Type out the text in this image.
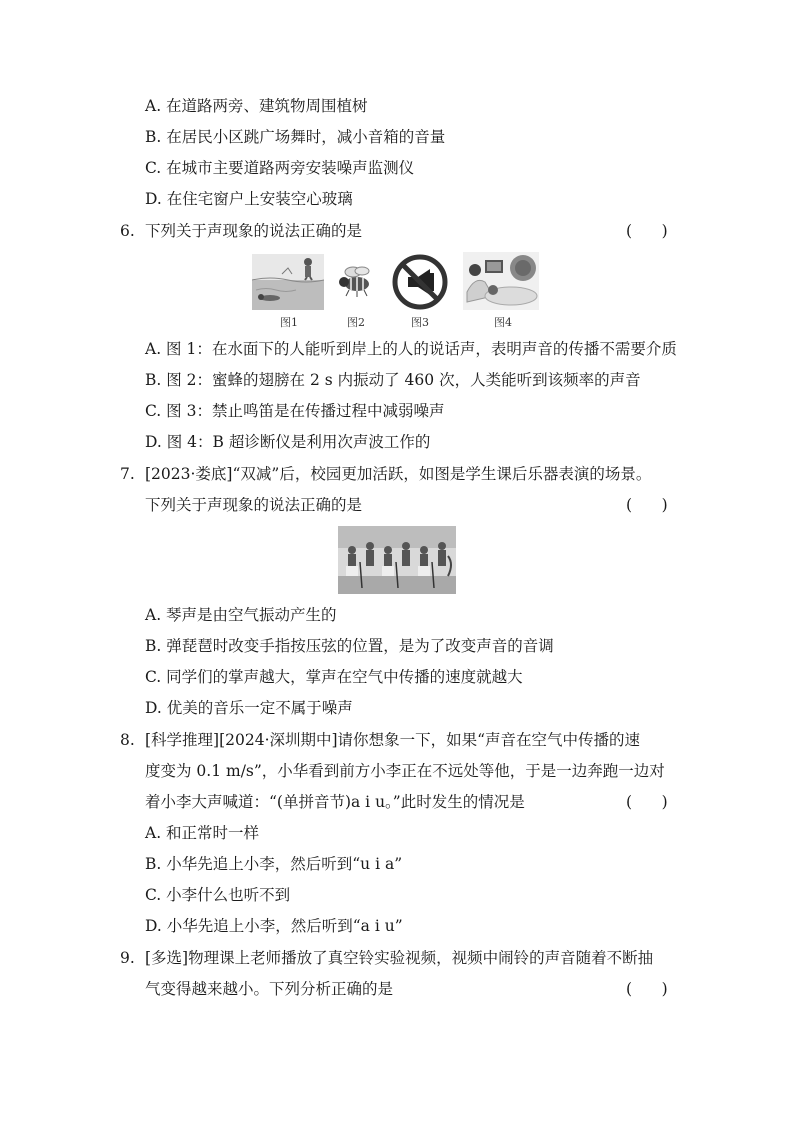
A. 在道路两旁、建筑物周围植树
B. 在居民小区跳广场舞时，减小音箱的音量
C. 在城市主要道路两旁安装噪声监测仪
D. 在住宅窗户上安装空心玻璃
6. 下列关于声现象的说法正确的是	(      )
图1	图2	图3	图4
A. 图 1：在水面下的人能听到岸上的人的说话声，表明声音的传播不需要介质
B. 图 2：蜜蜂的翅膀在 2 s 内振动了 460 次，人类能听到该频率的声音
C. 图 3：禁止鸣笛是在传播过程中减弱噪声
D. 图 4：B 超诊断仪是利用次声波工作的
7. [2023·娄底]“双减”后，校园更加活跃，如图是学生课后乐器表演的场景。
下列关于声现象的说法正确的是	(      )
A. 琴声是由空气振动产生的
B. 弹琵琶时改变手指按压弦的位置，是为了改变声音的音调
C. 同学们的掌声越大，掌声在空气中传播的速度就越大
D. 优美的音乐一定不属于噪声
8. [科学推理][2024·深圳期中]请你想象一下，如果“声音在空气中传播的速
度变为 0.1 m/s”，小华看到前方小李正在不远处等他，于是一边奔跑一边对
着小李大声喊道：“(单拼音节)a i u。”此时发生的情况是	(      )
A. 和正常时一样
B. 小华先追上小李，然后听到“u i a”
C. 小李什么也听不到
D. 小华先追上小李，然后听到“a i u”
9. [多选]物理课上老师播放了真空铃实验视频，视频中闹铃的声音随着不断抽
气变得越来越小。下列分析正确的是	(      )
